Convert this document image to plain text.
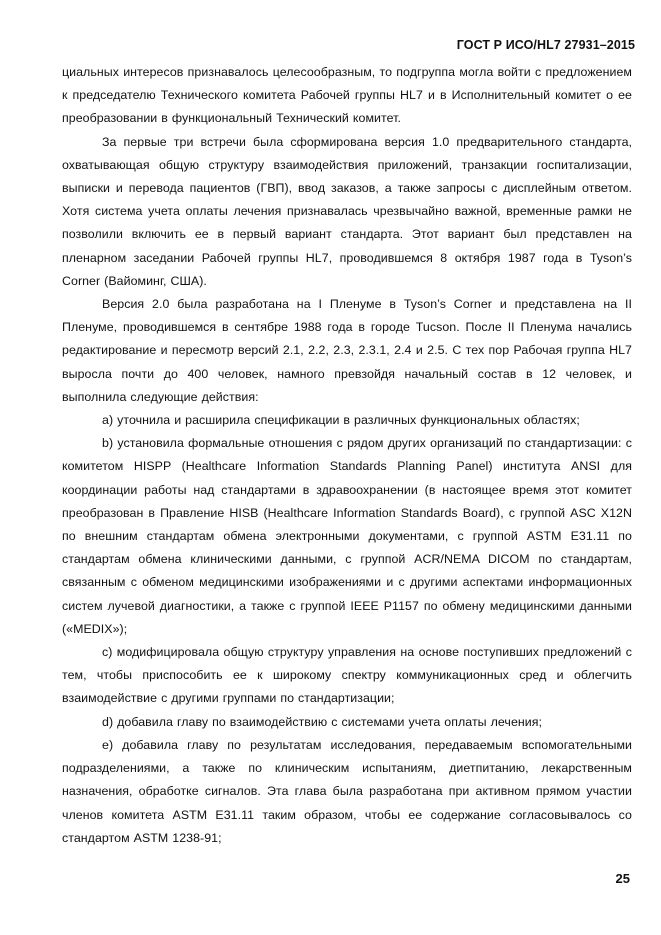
ГОСТ Р ИСО/HL7 27931–2015

циальных интересов признавалось целесообразным, то подгруппа могла войти с предложением к председателю Технического комитета Рабочей группы HL7 и в Исполнительный комитет о ее преобразовании в функциональный Технический комитет.

За первые три встречи была сформирована версия 1.0 предварительного стандарта, охватывающая общую структуру взаимодействия приложений, транзакции госпитализации, выписки и перевода пациентов (ГВП), ввод заказов, а также запросы с дисплейным ответом. Хотя система учета оплаты лечения признавалась чрезвычайно важной, временные рамки не позволили включить ее в первый вариант стандарта. Этот вариант был представлен на пленарном заседании Рабочей группы HL7, проводившемся 8 октября 1987 года в Tyson’s Corner (Вайоминг, США).

Версия 2.0 была разработана на I Пленуме в Tyson’s Corner и представлена на II Пленуме, проводившемся в сентябре 1988 года в городе Tucson. После II Пленума начались редактирование и пересмотр версий 2.1, 2.2, 2.3, 2.3.1, 2.4 и 2.5. С тех пор Рабочая группа HL7 выросла почти до 400 человек, намного превзойдя начальный состав в 12 человек, и выполнила следующие действия:

a) уточнила и расширила спецификации в различных функциональных областях;

b) установила формальные отношения с рядом других организаций по стандартизации: с комитетом HISPP (Healthcare Information Standards Planning Panel) института ANSI для координации работы над стандартами в здравоохранении (в настоящее время этот комитет преобразован в Правление HISB (Healthcare Information Standards Board), с группой ASC X12N по внешним стандартам обмена электронными документами, с группой ASTM E31.11 по стандартам обмена клиническими данными, с группой ACR/NEMA DICOM по стандартам, связанным с обменом медицинскими изображениями и с другими аспектами информационных систем лучевой диагностики, а также с группой IEEE P1157 по обмену медицинскими данными («MEDIX»);

c) модифицировала общую структуру управления на основе поступивших предложений с тем, чтобы приспособить ее к широкому спектру коммуникационных сред и облегчить взаимодействие с другими группами по стандартизации;

d) добавила главу по взаимодействию с системами учета оплаты лечения;

e) добавила главу по результатам исследования, передаваемым вспомогательными подразделениями, а также по клиническим испытаниям, диетпитанию, лекарственным назначения, обработке сигналов. Эта глава была разработана при активном прямом участии членов комитета ASTM E31.11 таким образом, чтобы ее содержание согласовывалось со стандартом ASTM 1238-91;

25
